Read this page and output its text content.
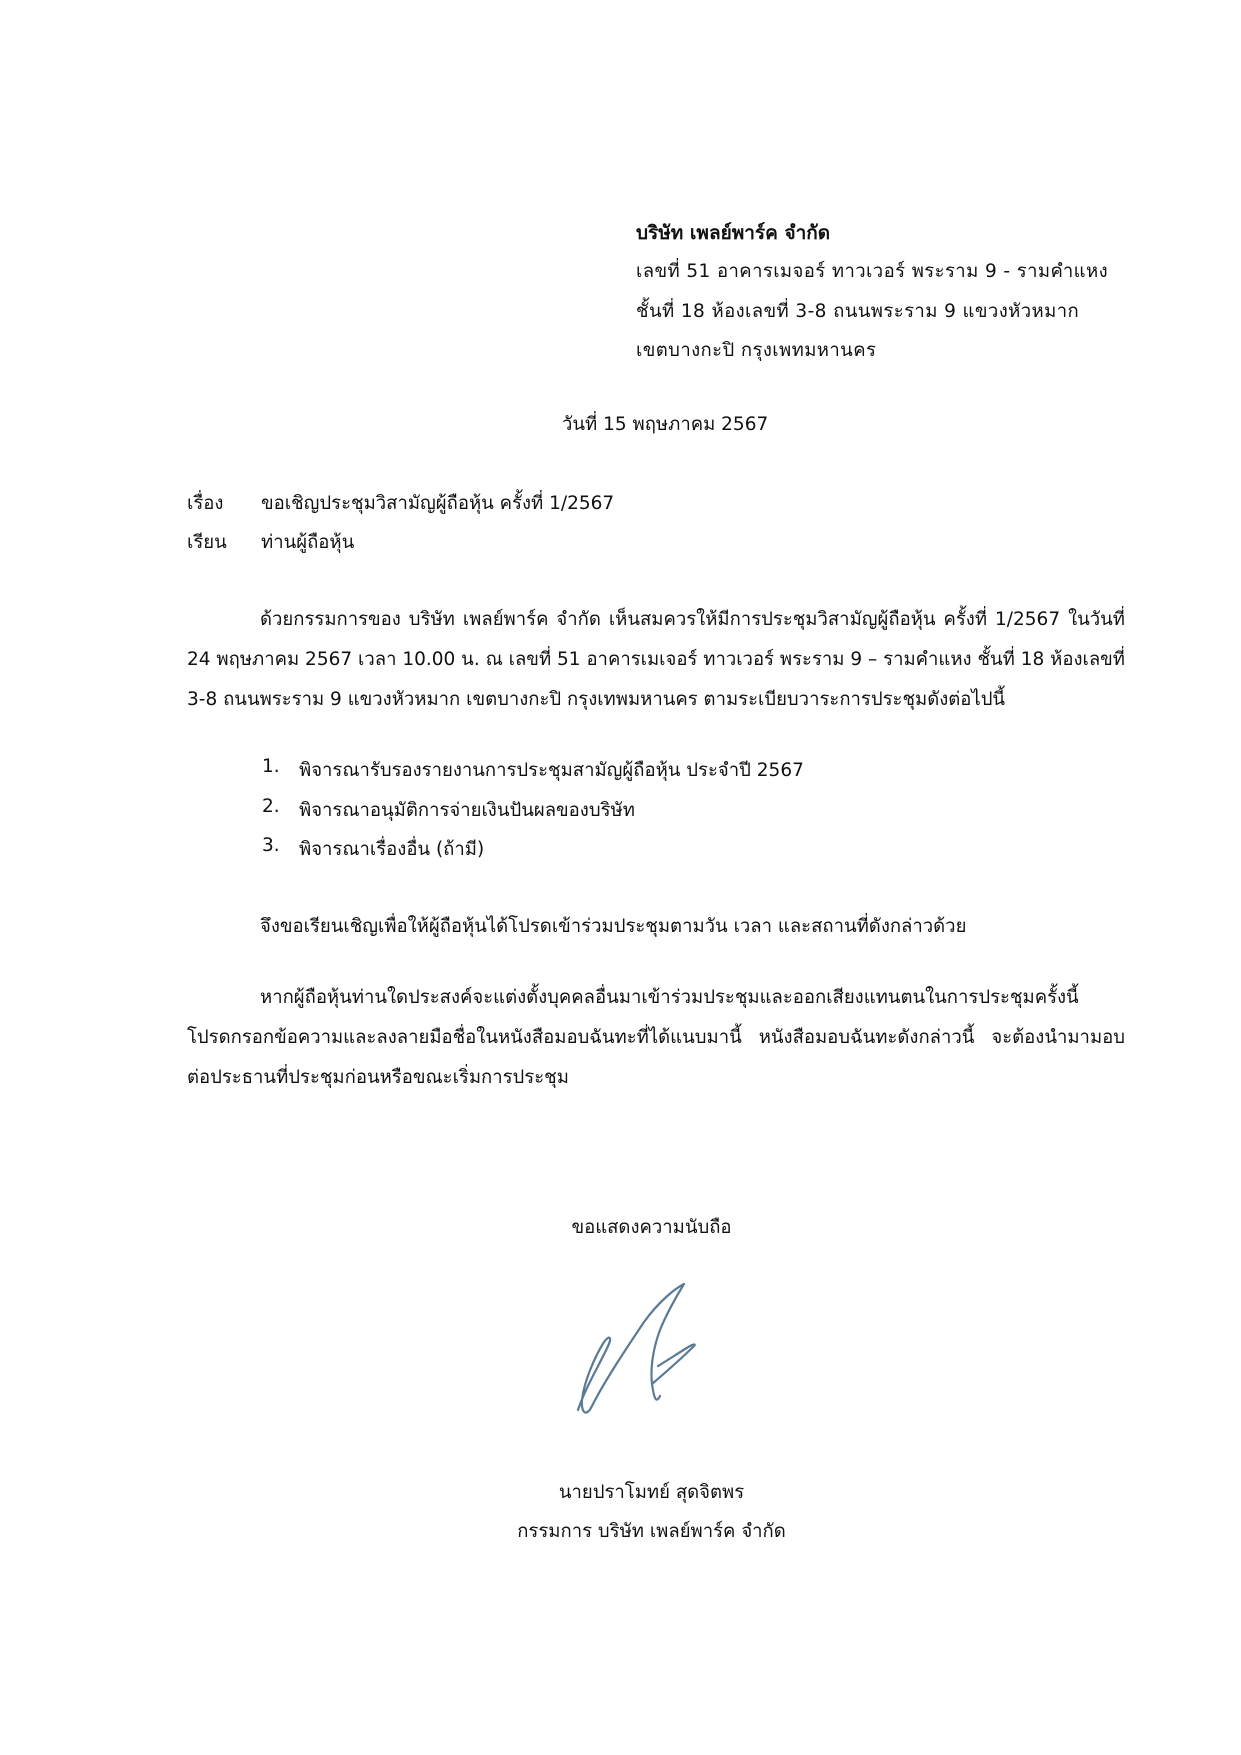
บริษัท เพลย์พาร์ค จำกัด
เลขที่ 51 อาคารเมจอร์ ทาวเวอร์ พระราม 9 - รามคำแหง
ชั้นที่ 18 ห้องเลขที่ 3-8 ถนนพระราม 9 แขวงหัวหมาก
เขตบางกะปิ กรุงเพทมหานคร
วันที่ 15 พฤษภาคม 2567
เรื่อง ขอเชิญประชุมวิสามัญผู้ถือหุ้น ครั้งที่ 1/2567
เรียน ท่านผู้ถือหุ้น

ด้วยกรรมการของ บริษัท เพลย์พาร์ค จำกัด เห็นสมควรให้มีการประชุมวิสามัญผู้ถือหุ้น ครั้งที่ 1/2567 ในวันที่ 24 พฤษภาคม 2567 เวลา 10.00 น. ณ เลขที่ 51 อาคารเมเจอร์ ทาวเวอร์ พระราม 9 – รามคำแหง ชั้นที่ 18 ห้องเลขที่ 3-8 ถนนพระราม 9 แขวงหัวหมาก เขตบางกะปิ กรุงเทพมหานคร ตามระเบียบวาระการประชุมดังต่อไปนี้

1. พิจารณารับรองรายงานการประชุมสามัญผู้ถือหุ้น ประจำปี 2567
2. พิจารณาอนุมัติการจ่ายเงินปันผลของบริษัท
3. พิจารณาเรื่องอื่น (ถ้ามี)
จึงขอเรียนเชิญเพื่อให้ผู้ถือหุ้นได้โปรดเข้าร่วมประชุมตามวัน เวลา และสถานที่ดังกล่าวด้วย

หากผู้ถือหุ้นท่านใดประสงค์จะแต่งตั้งบุคคลอื่นมาเข้าร่วมประชุมและออกเสียงแทนตนในการประชุมครั้งนี้ โปรดกรอกข้อความและลงลายมือชื่อในหนังสือมอบฉันทะที่ได้แนบมานี้ หนังสือมอบฉันทะดังกล่าวนี้ จะต้องนำมามอบต่อประธานที่ประชุมก่อนหรือขณะเริ่มการประชุม

ขอแสดงความนับถือ
นายปราโมทย์ สุดจิตพร
กรรมการ บริษัท เพลย์พาร์ค จำกัด
